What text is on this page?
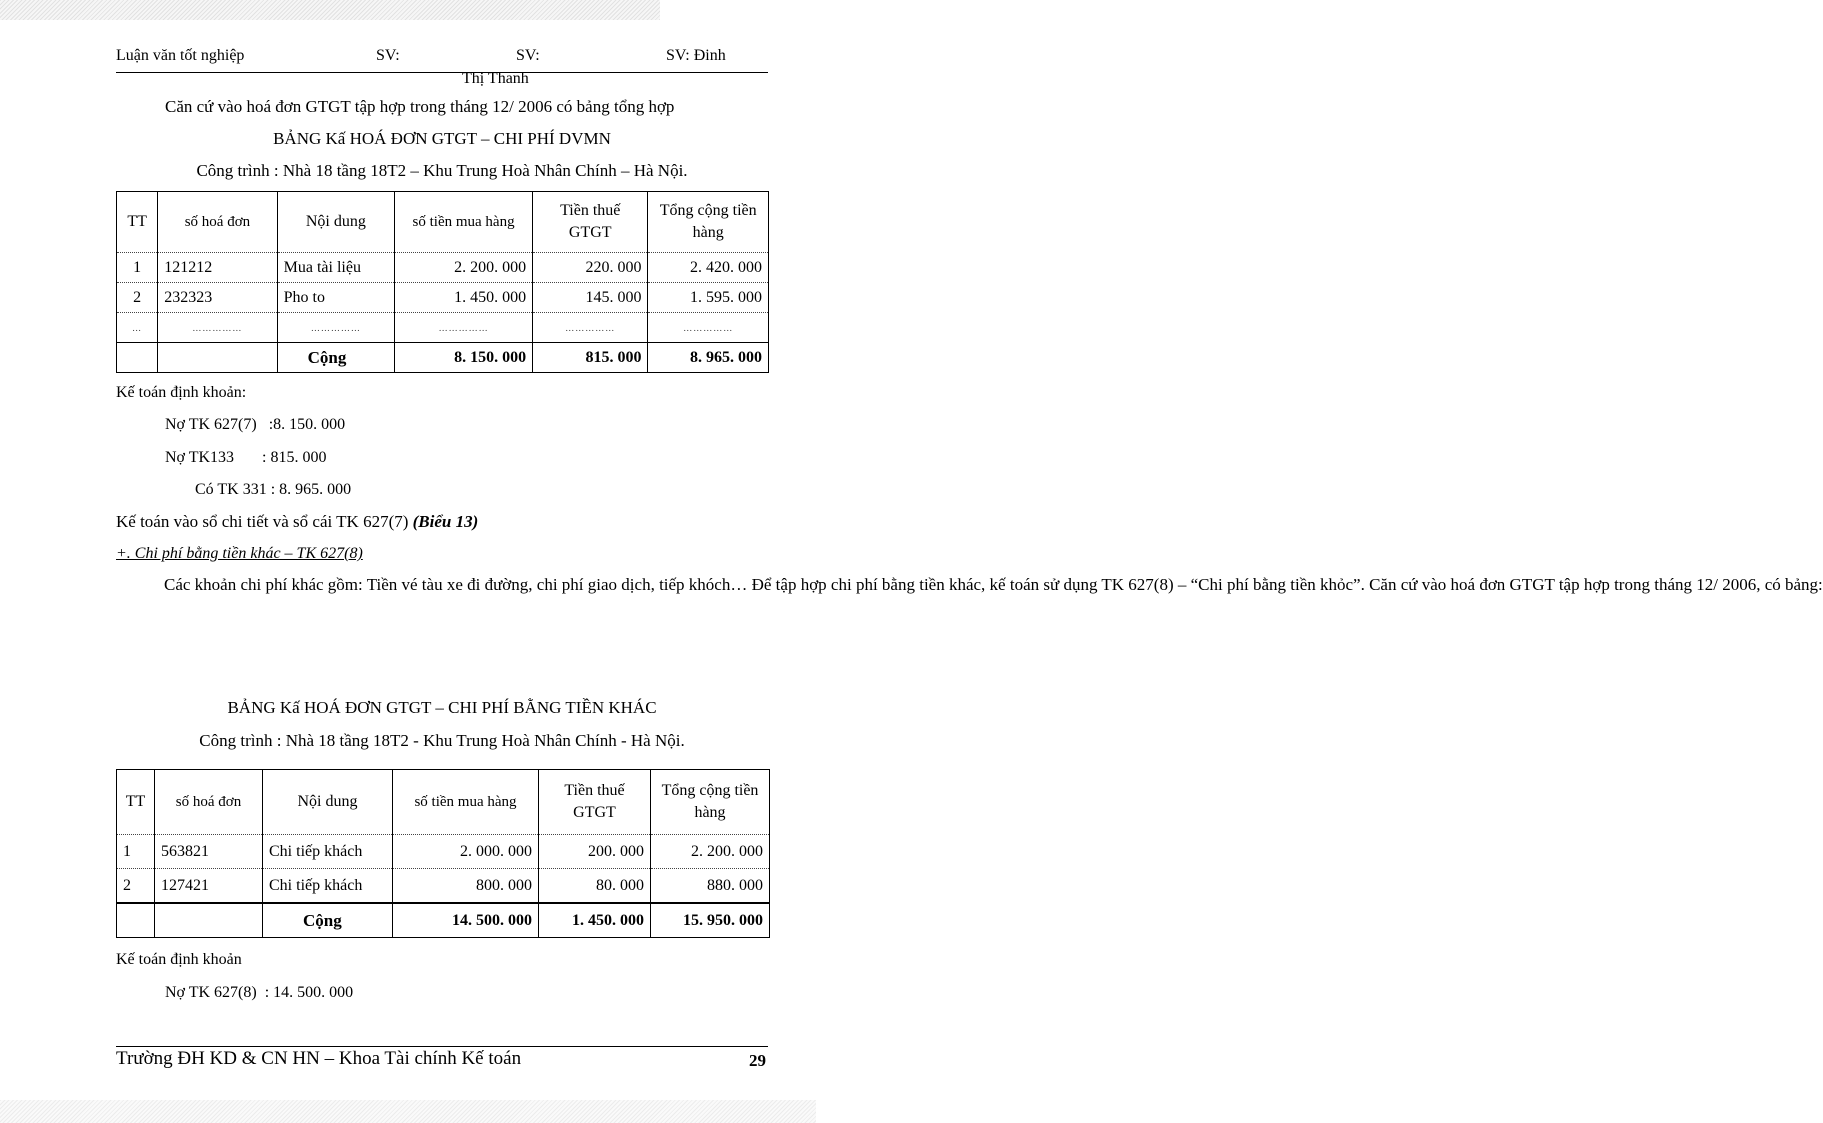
Luận văn tốt nghiệp	SV:	SV:	SV: Đinh
Thị Thanh
Căn cứ vào hoá đơn GTGT tập hợp trong tháng 12/ 2006 có bảng tổng hợp
BẢNG Kấ HOÁ ĐƠN GTGT – CHI PHÍ DVMN
Công trình : Nhà 18 tầng 18T2 – Khu Trung Hoà Nhân Chính – Hà Nội.
TT	số hoá đơn	Nội dung	số tiền mua hàng	Tiền thuế GTGT	Tổng cộng tiền hàng
1	121212	Mua tài liệu	2. 200. 000	220. 000	2. 420. 000
2	232323	Pho to	1. 450. 000	145. 000	1. 595. 000
…	……………	……………	……………	……………	……………
		Cộng	8. 150. 000	815. 000	8. 965. 000
Kế toán định khoản:
Nợ TK 627(7)   :8. 150. 000
Nợ TK133       : 815. 000
Có TK 331 : 8. 965. 000
Kế toán vào sổ chi tiết và sổ cái TK 627(7) (Biểu 13)
+. Chi phí bằng tiền khác – TK 627(8)

Các khoản chi phí khác gồm: Tiền vé tàu xe đi đường, chi phí giao dịch, tiếp khóch… Để tập hợp chi phí bằng tiền khác, kế toán sử dụng TK 627(8) – “Chi phí bằng tiền khỏc”. Căn cứ vào hoá đơn GTGT tập hợp trong tháng 12/ 2006, có bảng:

BẢNG Kấ HOÁ ĐƠN GTGT – CHI PHÍ BẰNG TIỀN KHÁC
Công trình : Nhà 18 tầng 18T2 - Khu Trung Hoà Nhân Chính - Hà Nội.
TT	số hoá đơn	Nội dung	số tiền mua hàng	Tiền thuế GTGT	Tổng cộng tiền hàng
1	563821	Chi tiếp khách	2. 000. 000	200. 000	2. 200. 000
2	127421	Chi tiếp khách	800. 000	80. 000	880. 000
		Cộng	14. 500. 000	1. 450. 000	15. 950. 000
Kế toán định khoản
Nợ TK 627(8)  : 14. 500. 000
Trường ĐH KD & CN HN – Khoa Tài chính Kế toán	29
